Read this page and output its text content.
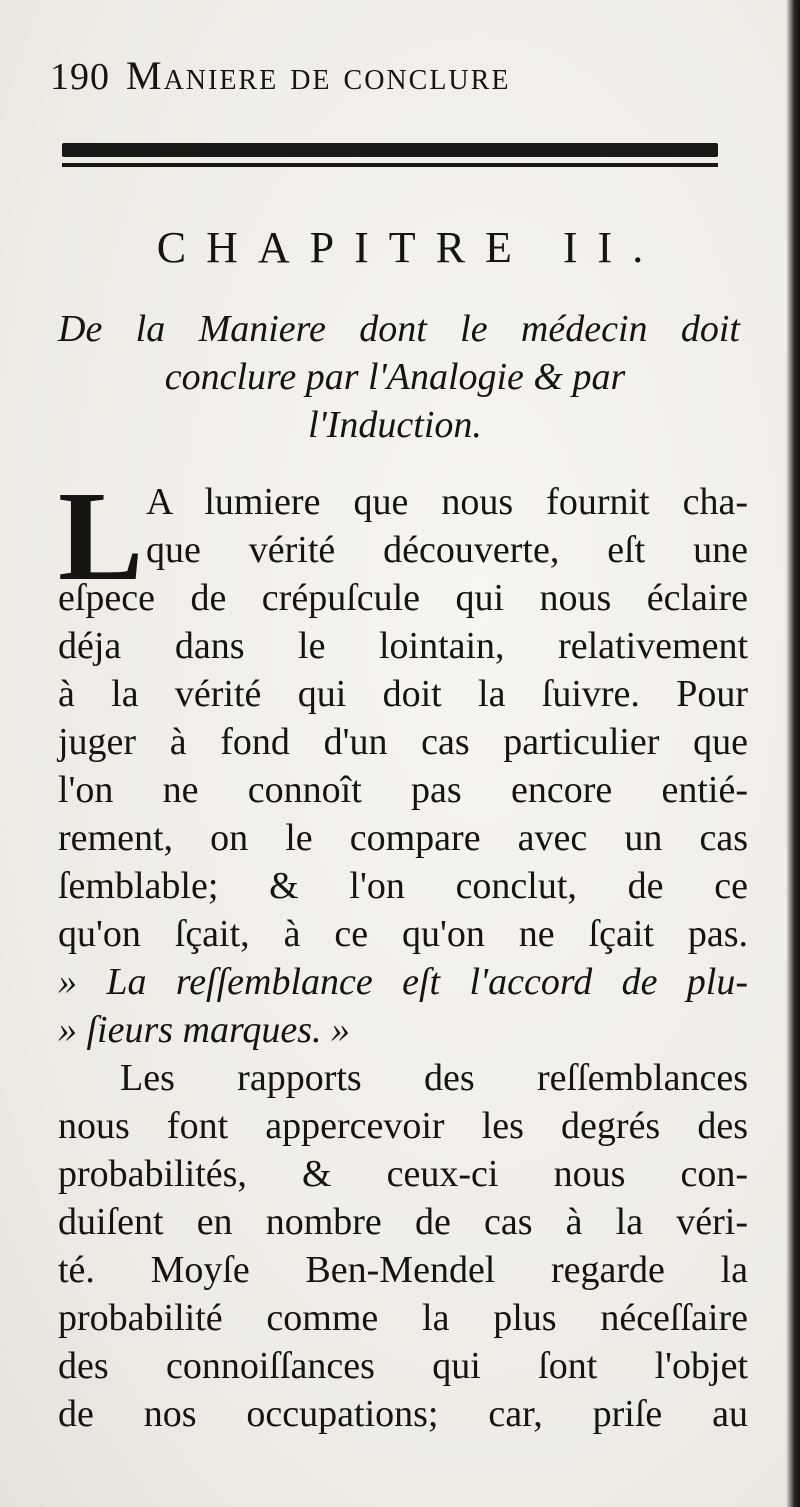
190 Maniere de conclure
CHAPITRE II.
De la Maniere dont le médecin doit
conclure par l'Analogie & par
l'Induction.
L A lumiere que nous fournit cha-
que vérité découverte, eſt une
eſpece de crépuſcule qui nous éclaire
déja dans le lointain, relativement
à la vérité qui doit la ſuivre. Pour
juger à fond d'un cas particulier que
l'on ne connoît pas encore entié-
rement, on le compare avec un cas
ſemblable; & l'on conclut, de ce
qu'on ſçait, à ce qu'on ne ſçait pas.
» La reſſemblance eſt l'accord de plu-
» ſieurs marques. »
Les rapports des reſſemblances
nous font appercevoir les degrés des
probabilités, & ceux-ci nous con-
duiſent en nombre de cas à la véri-
té. Moyſe Ben-Mendel regarde la
probabilité comme la plus néceſſaire
des connoiſſances qui ſont l'objet
de nos occupations; car, priſe au
